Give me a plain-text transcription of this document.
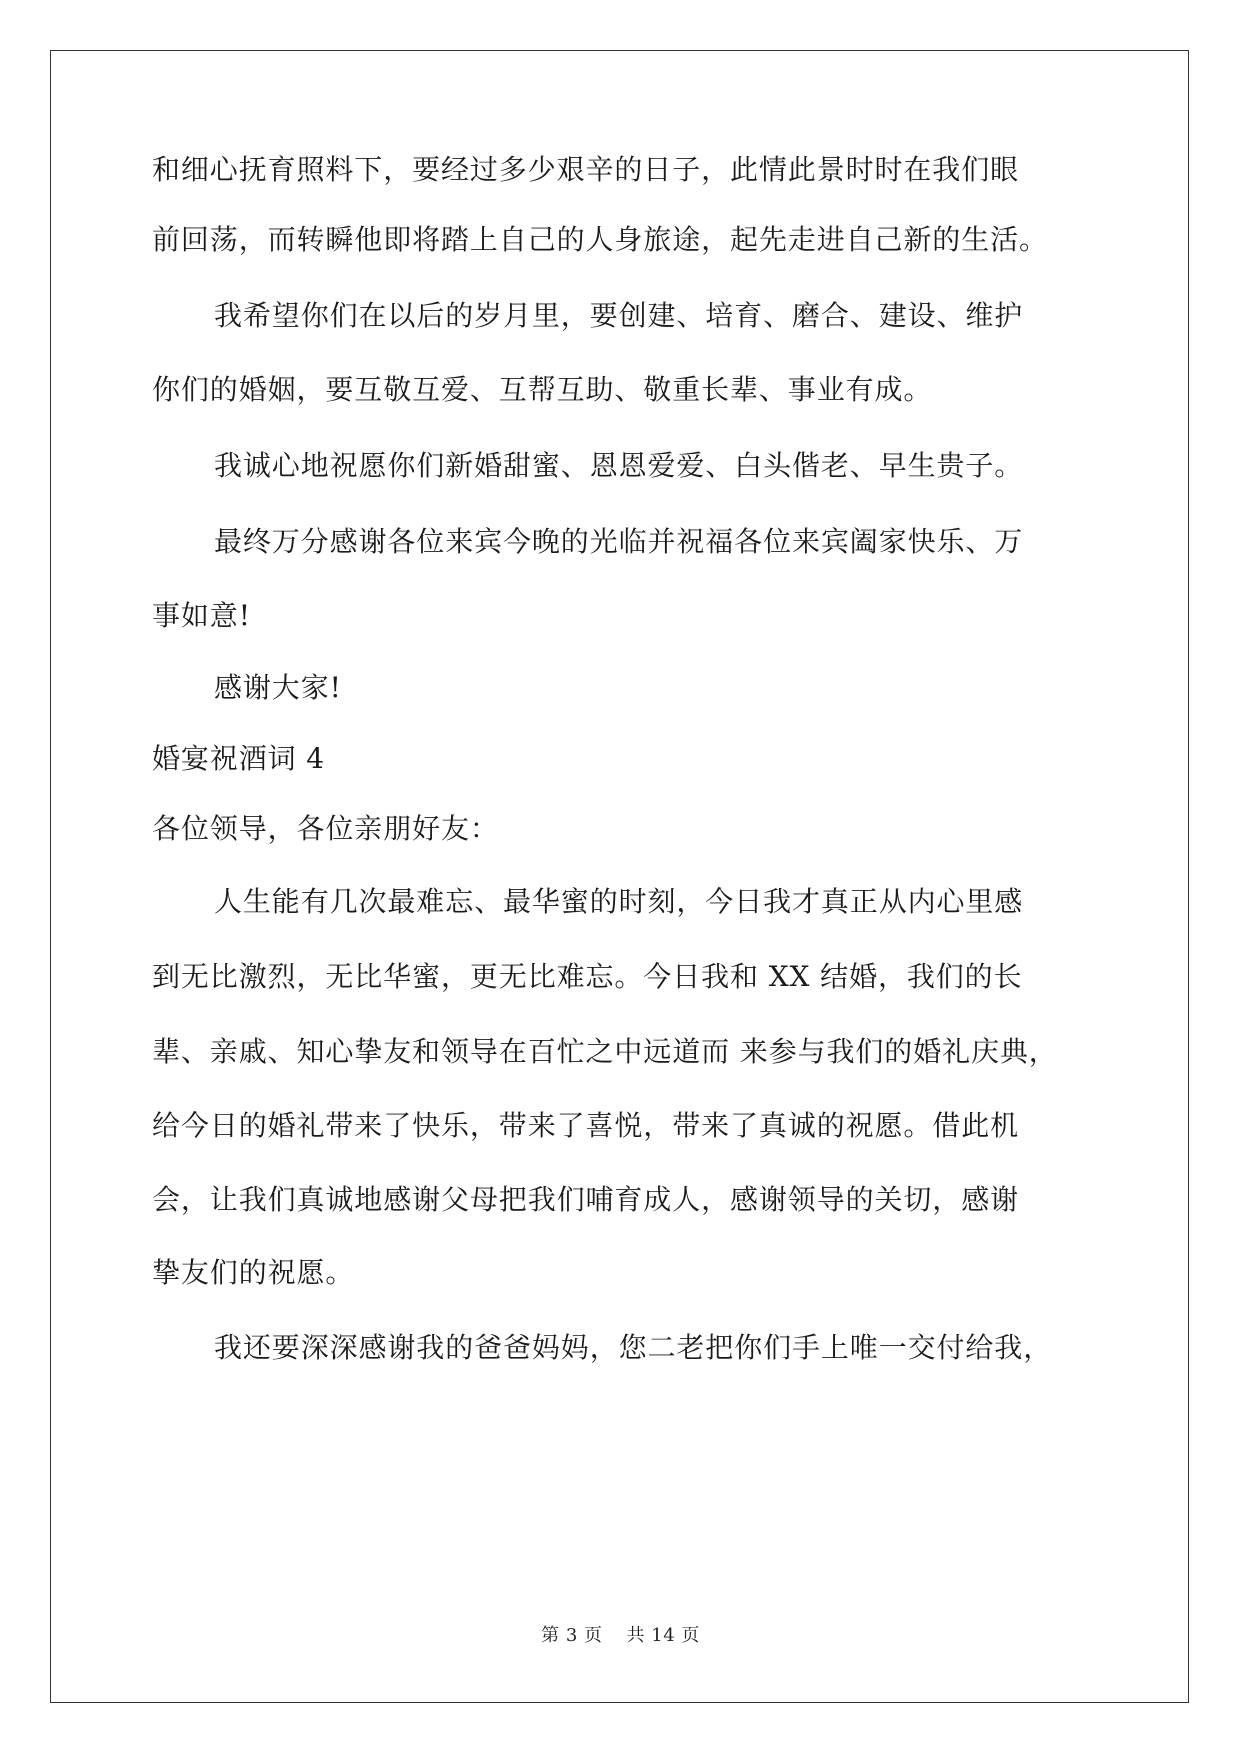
和细心抚育照料下，要经过多少艰辛的日子，此情此景时时在我们眼
前回荡，而转瞬他即将踏上自己的人身旅途，起先走进自己新的生活。
我希望你们在以后的岁月里，要创建、培育、磨合、建设、维护
你们的婚姻，要互敬互爱、互帮互助、敬重长辈、事业有成。
我诚心地祝愿你们新婚甜蜜、恩恩爱爱、白头偕老、早生贵子。
最终万分感谢各位来宾今晚的光临并祝福各位来宾阖家快乐、万
事如意!
感谢大家!
婚宴祝酒词 4
各位领导，各位亲朋好友：
人生能有几次最难忘、最华蜜的时刻，今日我才真正从内心里感
到无比激烈，无比华蜜，更无比难忘。今日我和 XX 结婚，我们的长
辈、亲戚、知心挚友和领导在百忙之中远道而 来参与我们的婚礼庆典，
给今日的婚礼带来了快乐，带来了喜悦，带来了真诚的祝愿。借此机
会，让我们真诚地感谢父母把我们哺育成人，感谢领导的关切，感谢
挚友们的祝愿。
我还要深深感谢我的爸爸妈妈，您二老把你们手上唯一交付给我，
第 3 页 共 14 页
